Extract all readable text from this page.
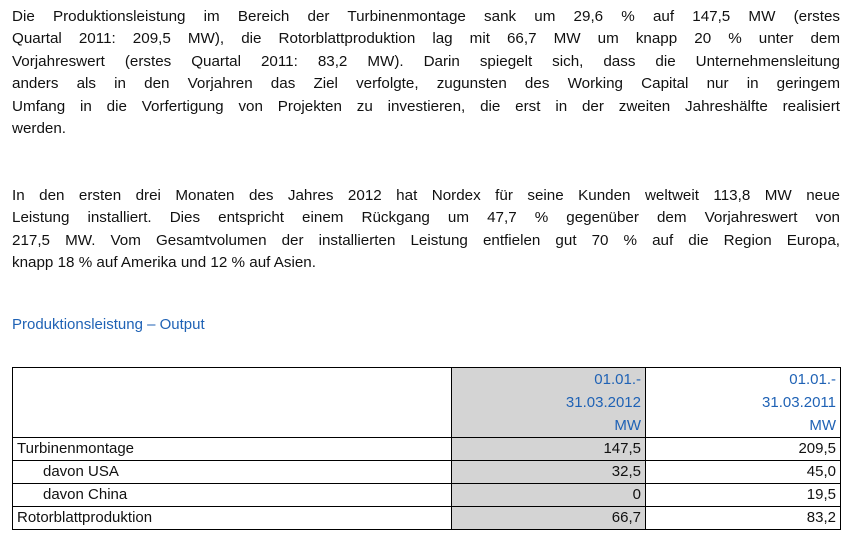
Die Produktionsleistung im Bereich der Turbinenmontage sank um 29,6 % auf 147,5 MW (erstes
Quartal 2011: 209,5 MW), die Rotorblattproduktion lag mit 66,7 MW um knapp 20 % unter dem
Vorjahreswert (erstes Quartal 2011: 83,2 MW). Darin spiegelt sich, dass die Unternehmensleitung
anders als in den Vorjahren das Ziel verfolgte, zugunsten des Working Capital nur in geringem
Umfang in die Vorfertigung von Projekten zu investieren, die erst in der zweiten Jahreshälfte realisiert
werden.

In den ersten drei Monaten des Jahres 2012 hat Nordex für seine Kunden weltweit 113,8 MW neue
Leistung installiert. Dies entspricht einem Rückgang um 47,7 % gegenüber dem Vorjahreswert von
217,5 MW. Vom Gesamtvolumen der installierten Leistung entfielen gut 70 % auf die Region Europa,
knapp 18 % auf Amerika und 12 % auf Asien.

Produktionsleistung – Output

	01.01.-
31.03.2012
MW	01.01.-
31.03.2011
MW

Turbinenmontage	147,5	209,5
davon USA	32,5	45,0
davon China	0	19,5
Rotorblattproduktion	66,7	83,2
